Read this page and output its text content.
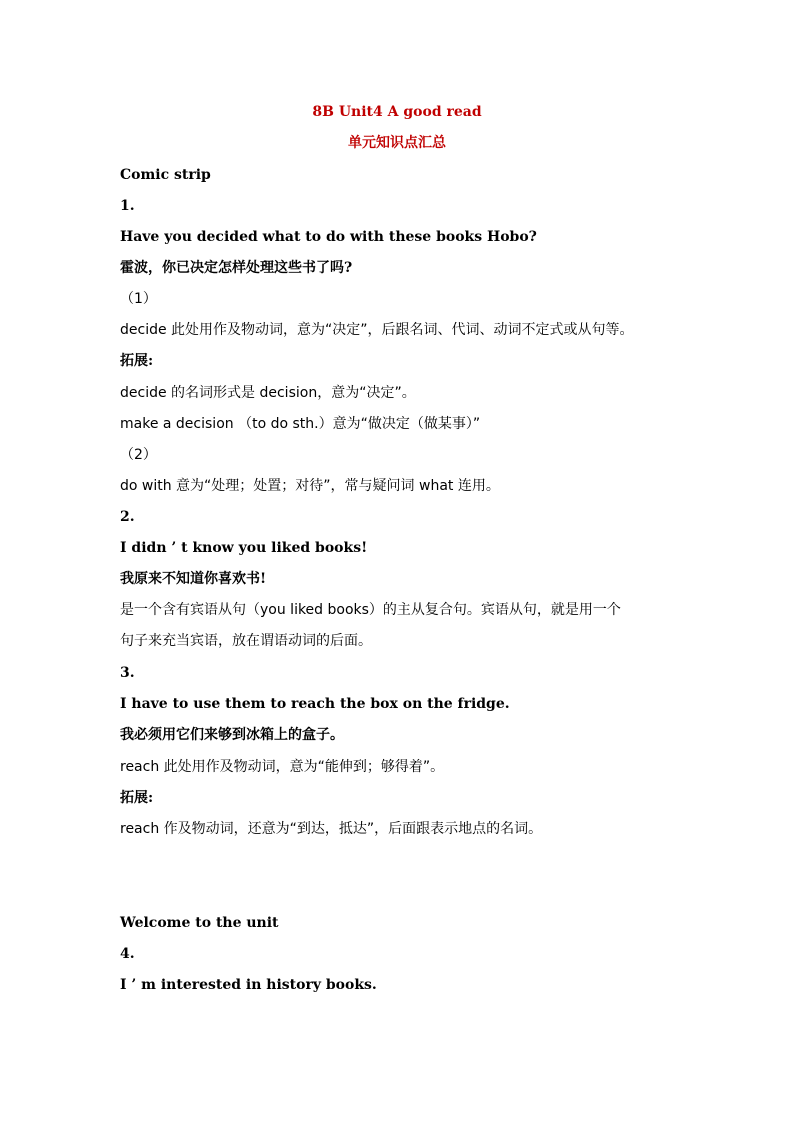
8B Unit4 A good read
单元知识点汇总
Comic strip
1.
Have you decided what to do with these books Hobo?
霍波，你已决定怎样处理这些书了吗?
（1）
decide 此处用作及物动词，意为“决定”，后跟名词、代词、动词不定式或从句等。
拓展:
decide 的名词形式是 decision，意为“决定”。
make a decision （to do sth.）意为“做决定（做某事）”
（2）
do with 意为“处理；处置；对待”，常与疑问词 what 连用。
2.
I didn ’ t know you liked books!
我原来不知道你喜欢书!
是一个含有宾语从句（you liked books）的主从复合句。宾语从句，就是用一个
句子来充当宾语，放在谓语动词的后面。
3.
I have to use them to reach the box on the fridge.
我必须用它们来够到冰箱上的盒子。
reach 此处用作及物动词，意为“能伸到；够得着”。
拓展:
reach 作及物动词，还意为“到达，抵达”，后面跟表示地点的名词。
Welcome to the unit
4.
I ’ m interested in history books.
